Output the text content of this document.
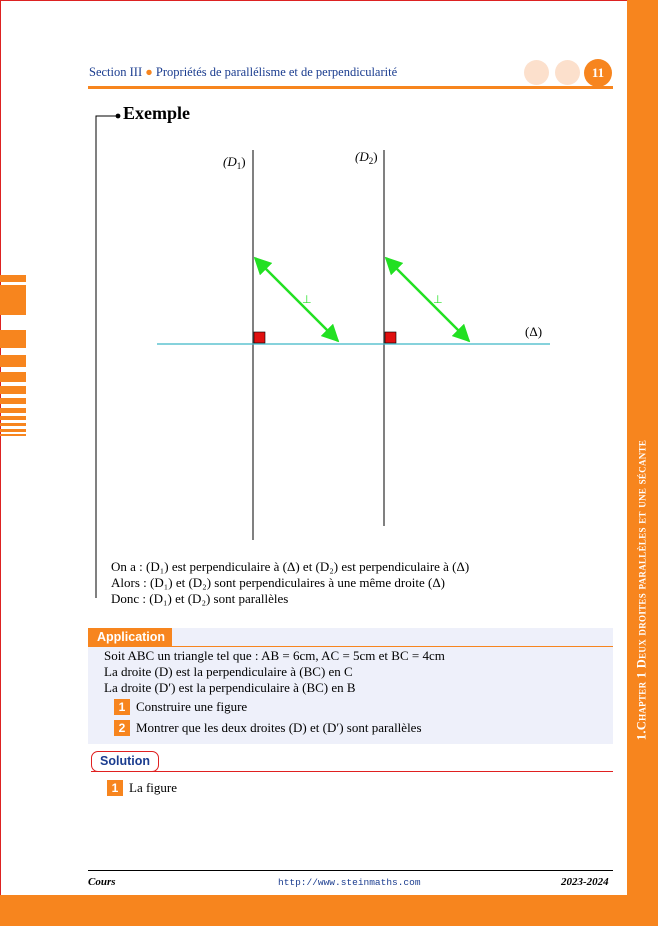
1.Chapter 1 Deux droites parallèles et une sécante
Section III ● Propriétés de parallélisme et de perpendicularité	11
Exemple
⊥	⊥
$(D_1)$	$(D_2)$
(Δ)
On a : (D₁) est perpendiculaire à (Δ) et (D₂) est perpendiculaire à (Δ)
Alors : (D₁) et (D₂) sont perpendiculaires à une même droite (Δ)
Donc : (D₁) et (D₂) sont parallèles
Application
Soit ABC un triangle tel que : AB = 6cm, AC = 5cm et BC = 4cm
La droite (D) est la perpendiculaire à (BC) en C
La droite (D′) est la perpendiculaire à (BC) en B
1 Construire une figure
2 Montrer que les deux droites (D) et (D′) sont parallèles
Solution
1 La figure
Cours	http://www.steinmaths.com	2023-2024
